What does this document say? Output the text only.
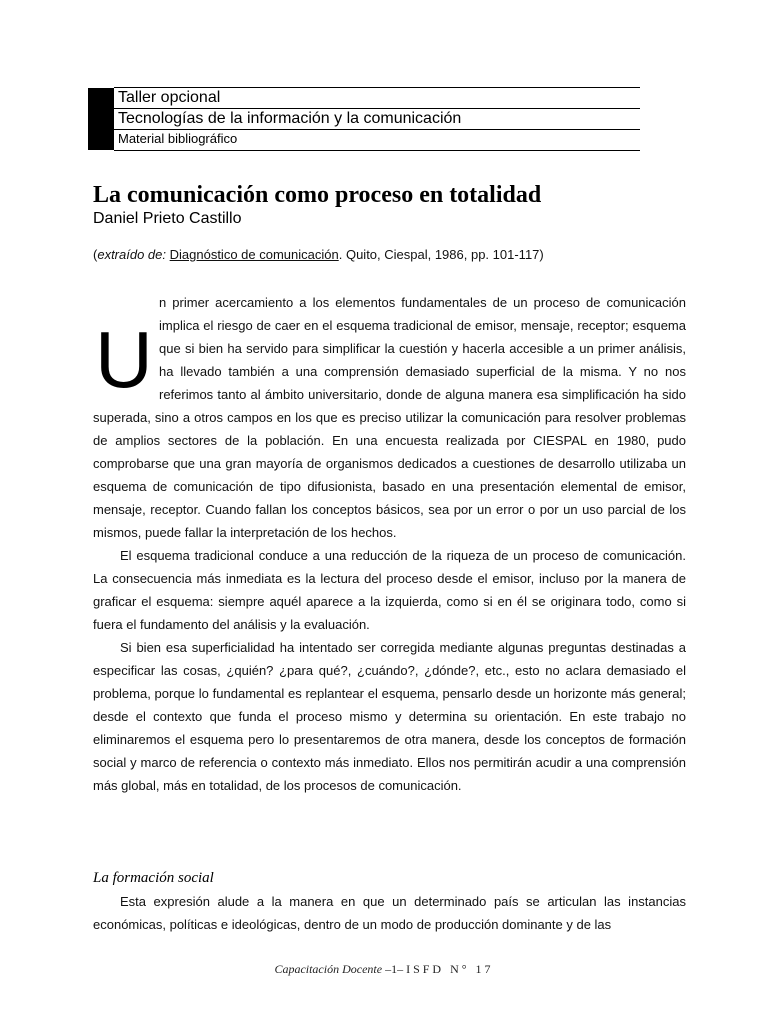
Taller opcional
Tecnologías de la información y la comunicación
Material bibliográfico
La comunicación como proceso en totalidad
Daniel Prieto Castillo
(extraído de: Diagnóstico de comunicación. Quito, Ciespal, 1986, pp. 101-117)

U
n primer acercamiento a los elementos fundamentales de un proceso de comunicación implica el riesgo de caer en el esquema tradicional de emisor, mensaje, receptor; esquema que si bien ha servido para simplificar la cuestión y hacerla accesible a un primer análisis, ha llevado también a una comprensión demasiado superficial de la misma. Y no nos referimos tanto al ámbito universitario, donde de alguna manera esa simplificación ha sido superada, sino a otros campos en los que es preciso utilizar la comunicación para resolver problemas de amplios sectores de la población. En una encuesta realizada por CIESPAL en 1980, pudo comprobarse que una gran mayoría de organismos dedicados a cuestiones de desarrollo utilizaba un esquema de comunicación de tipo difusionista, basado en una presentación elemental de emisor, mensaje, receptor. Cuando fallan los conceptos básicos, sea por un error o por un uso parcial de los mismos, puede fallar la interpretación de los hechos.

El esquema tradicional conduce a una reducción de la riqueza de un proceso de comunicación. La consecuencia más inmediata es la lectura del proceso desde el emisor, incluso por la manera de graficar el esquema: siempre aquél aparece a la izquierda, como si en él se originara todo, como si fuera el fundamento del análisis y la evaluación.

Si bien esa superficialidad ha intentado ser corregida mediante algunas preguntas destinadas a especificar las cosas, ¿quién? ¿para qué?, ¿cuándo?, ¿dónde?, etc., esto no aclara demasiado el problema, porque lo fundamental es replantear el esquema, pensarlo desde un horizonte más general; desde el contexto que funda el proceso mismo y determina su orientación. En este trabajo no eliminaremos el esquema pero lo presentaremos de otra manera, desde los conceptos de formación social y marco de referencia o contexto más inmediato. Ellos nos permitirán acudir a una comprensión más global, más en totalidad, de los procesos de comunicación.

La formación social

Esta expresión alude a la manera en que un determinado país se articulan las instancias económicas, políticas e ideológicas, dentro de un modo de producción dominante y de las

Capacitación Docente –1– ISFD N° 17
